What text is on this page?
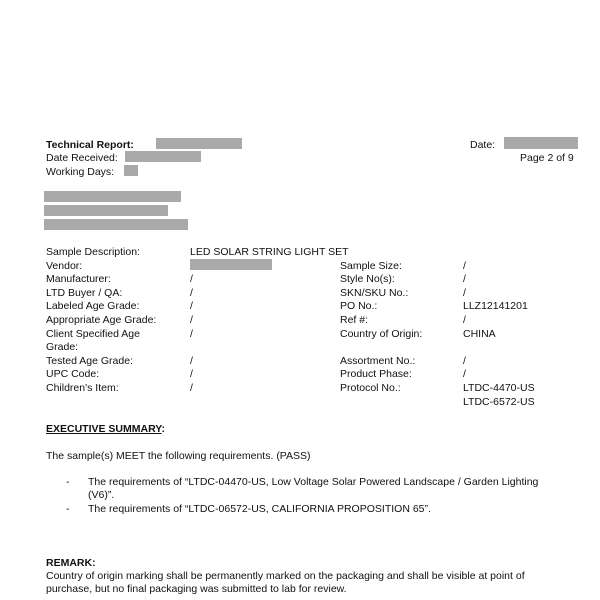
Technical Report:	Date:
Date Received:	Page 2 of 9
Working Days:
Sample Description:
Vendor:
Manufacturer:
LTD Buyer / QA:
Labeled Age Grade:
Appropriate Age Grade:
Client Specified Age
Grade:
Tested Age Grade:
UPC Code:
Children's Item:
LED SOLAR STRING LIGHT SET
/
/
/
/
/
/
/
/
Sample Size:
Style No(s):
SKN/SKU No.:
PO No.:
Ref #:
Country of Origin:
Assortment No.:
Product Phase:
Protocol No.:
/
/
/
LLZ12141201
/
CHINA
/
/
LTDC-4470-US
LTDC-6572-US
EXECUTIVE SUMMARY:
The sample(s) MEET the following requirements. (PASS)
- The requirements of “LTDC-04470-US, Low Voltage Solar Powered Landscape / Garden Lighting
(V6)”.
- The requirements of “LTDC-06572-US, CALIFORNIA PROPOSITION 65”.
REMARK:
Country of origin marking shall be permanently marked on the packaging and shall be visible at point of
purchase, but no final packaging was submitted to lab for review.
